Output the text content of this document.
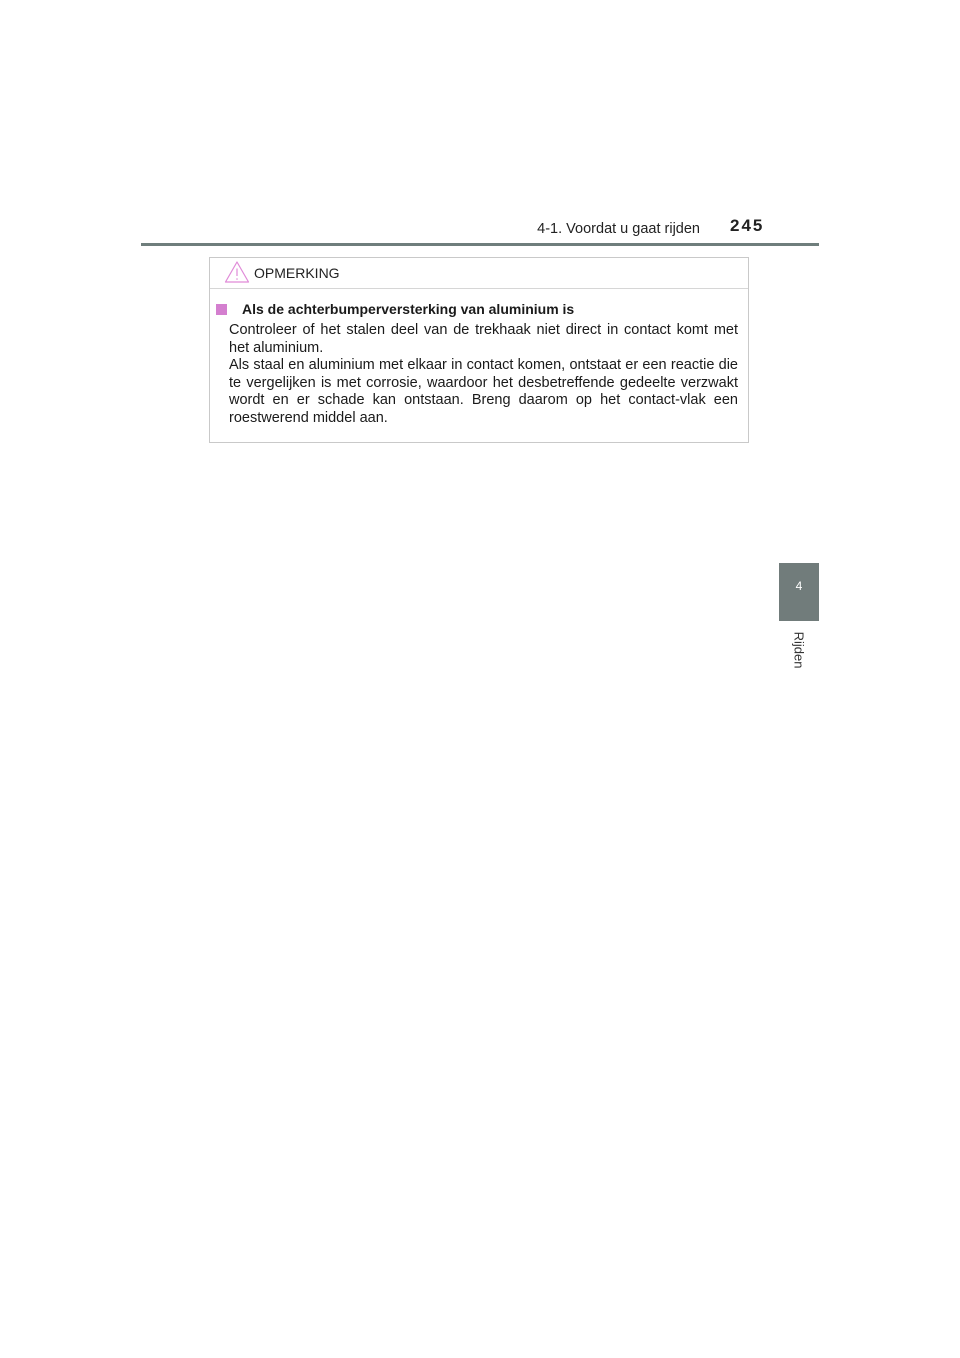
4-1. Voordat u gaat rijden 245
OPMERKING
Als de achterbumperversterking van aluminium is

Controleer of het stalen deel van de trekhaak niet direct in contact komt met het aluminium.

Als staal en aluminium met elkaar in contact komen, ontstaat er een reactie die te vergelijken is met corrosie, waardoor het desbetreffende gedeelte verzwakt wordt en er schade kan ontstaan. Breng daarom op het contact-vlak een roestwerend middel aan.

4
Rijden
